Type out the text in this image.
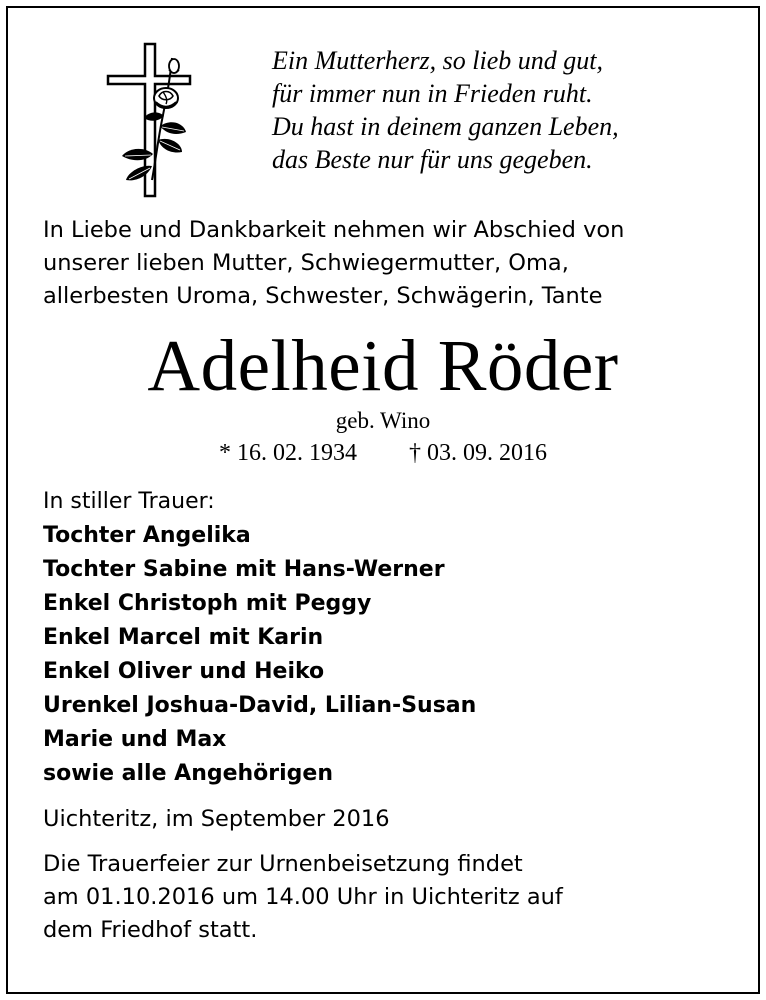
Ein Mutterherz, so lieb und gut,
für immer nun in Frieden ruht.
Du hast in deinem ganzen Leben,
das Beste nur für uns gegeben.
In Liebe und Dankbarkeit nehmen wir Abschied von
unserer lieben Mutter, Schwiegermutter, Oma,
allerbesten Uroma, Schwester, Schwägerin, Tante
Adelheid Röder
geb. Wino
* 16. 02. 1934 † 03. 09. 2016
In stiller Trauer:
Tochter Angelika
Tochter Sabine mit Hans-Werner
Enkel Christoph mit Peggy
Enkel Marcel mit Karin
Enkel Oliver und Heiko
Urenkel Joshua-David, Lilian-Susan
Marie und Max
sowie alle Angehörigen
Uichteritz, im September 2016
Die Trauerfeier zur Urnenbeisetzung findet
am 01.10.2016 um 14.00 Uhr in Uichteritz auf
dem Friedhof statt.
